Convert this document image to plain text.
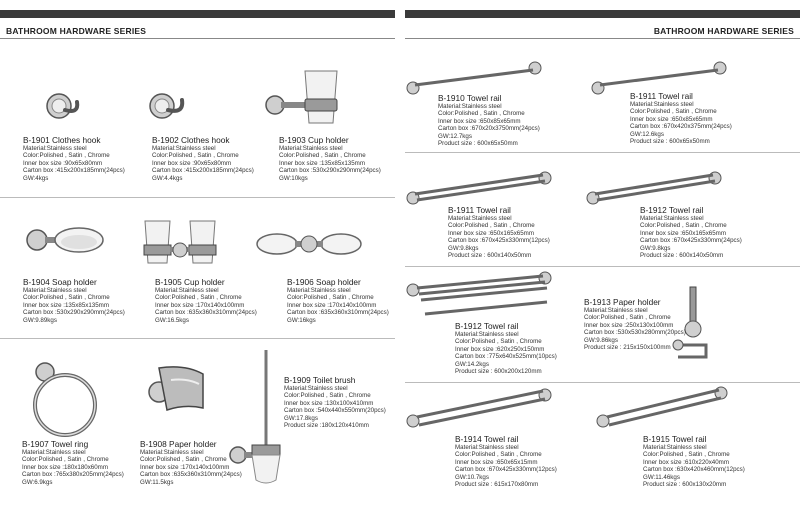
BATHROOM HARDWARE SERIES	BATHROOM HARDWARE SERIES
B-1901 Clothes hook
Material:Stainless steel
Color:Polished , Satin , Chrome
Inner box size :90x65x80mm
Carton box :415x200x185mm(24pcs)
GW:4kgs
B-1902 Clothes hook
Material:Stainless steel
Color:Polished , Satin , Chrome
Inner box size :90x65x80mm
Carton box :415x200x185mm(24pcs)
GW:4.4kgs
B-1903 Cup holder
Material:Stainless steel
Color:Polished , Satin , Chrome
Inner box size :135x85x135mm
Carton box :530x290x290mm(24pcs)
GW:10kgs
B-1904 Soap holder
Material:Stainless steel
Color:Polished , Satin , Chrome
Inner box size :135x85x135mm
Carton box :530x290x290mm(24pcs)
GW:9.89kgs
B-1905 Cup holder
Material:Stainless steel
Color:Polished , Satin , Chrome
Inner box size :170x140x100mm
Carton box :635x360x310mm(24pcs)
GW:16.5kgs
B-1906 Soap holder
Material:Stainless steel
Color:Polished , Satin , Chrome
Inner box size :170x140x100mm
Carton box :635x360x310mm(24pcs)
GW:16kgs
B-1907 Towel ring
Material:Stainless steel
Color:Polished , Satin , Chrome
Inner box size :180x180x60mm
Carton box :765x380x205mm(24pcs)
GW:6.9kgs
B-1908 Paper holder
Material:Stainless steel
Color:Polished , Satin , Chrome
Inner box size :170x140x100mm
Carton box :635x360x310mm(24pcs)
GW:11.5kgs
B-1909 Toilet brush
Material:Stainless steel
Color:Polished , Satin , Chrome
Inner box size :130x100x410mm
Carton box :540x440x550mm(20pcs)
GW:17.8kgs
Product size :180x120x410mm
B-1910 Towel rail
Material:Stainless steel
Color:Polished , Satin , Chrome
Inner box size :650x85x65mm
Carton box :670x20x3750mm(24pcs)
GW:12.7kgs
Product size : 600x65x50mm
B-1911 Towel rail
Material:Stainless steel
Color:Polished , Satin , Chrome
Inner box size :650x85x65mm
Carton box :670x420x375mm(24pcs)
GW:12.6kgs
Product size : 600x65x50mm
B-1911 Towel rail
Material:Stainless steel
Color:Polished , Satin , Chrome
Inner box size :650x165x65mm
Carton box :670x425x330mm(12pcs)
GW:9.8kgs
Product size : 600x140x50mm
B-1912 Towel rail
Material:Stainless steel
Color:Polished , Satin , Chrome
Inner box size :650x165x65mm
Carton box :670x425x330mm(24pcs)
GW:9.8kgs
Product size : 600x140x50mm
B-1912 Towel rail
Material:Stainless steel
Color:Polished , Satin , Chrome
Inner box size :620x250x150mm
Carton box :775x640x525mm(10pcs)
GW:14.2kgs
Product size : 600x200x120mm
B-1913 Paper holder
Material:Stainless steel
Color:Polished , Satin , Chrome
Inner box size :250x130x100mm
Carton box :530x530x280mm(20pcs)
GW:9.86kgs
Product size : 215x150x100mm
B-1914 Towel rail
Material:Stainless steel
Color:Polished , Satin , Chrome
Inner box size :650x65x15mm
Carton box :670x425x330mm(12pcs)
GW:10.7kgs
Product size : 615x170x80mm
B-1915 Towel rail
Material:Stainless steel
Color:Polished , Satin , Chrome
Inner box size :610x220x40mm
Carton box :630x420x460mm(12pcs)
GW:11.46kgs
Product size : 600x130x20mm
